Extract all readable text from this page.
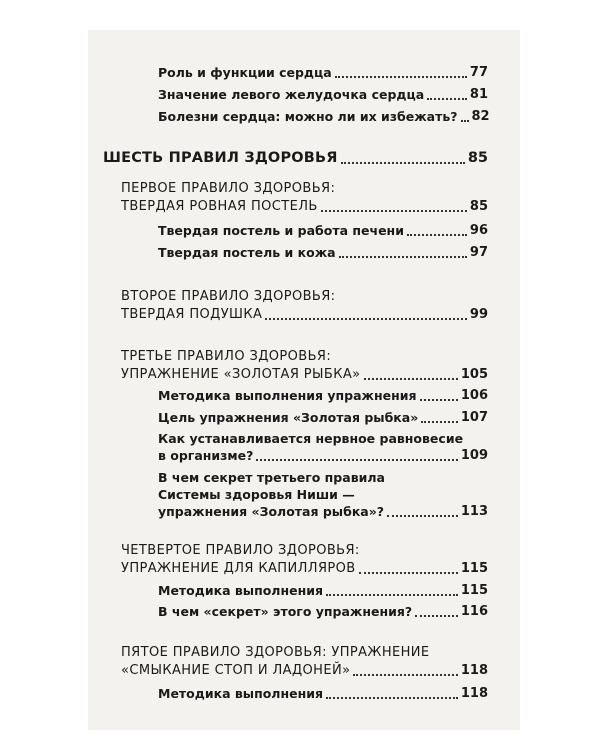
Роль и функции сердца	77
Значение левого желудочка сердца	81
Болезни сердца: можно ли их избежать? 82
ШЕСТЬ ПРАВИЛ ЗДОРОВЬЯ	85
ПЕРВОЕ ПРАВИЛО ЗДОРОВЬЯ:
ТВЕРДАЯ РОВНАЯ ПОСТЕЛЬ	85
Твердая постель и работа печени	96
Твердая постель и кожа	97
ВТОРОЕ ПРАВИЛО ЗДОРОВЬЯ:
ТВЕРДАЯ ПОДУШКА	99
ТРЕТЬЕ ПРАВИЛО ЗДОРОВЬЯ:
УПРАЖНЕНИЕ «ЗОЛОТАЯ РЫБКА»	105
Методика выполнения упражнения	106
Цель упражнения «Золотая рыбка»	107
Как устанавливается нервное равновесие
в организме?	109
В чем секрет третьего правила
Системы здоровья Ниши —
упражнения «Золотая рыбка»?	113
ЧЕТВЕРТОЕ ПРАВИЛО ЗДОРОВЬЯ:
УПРАЖНЕНИЕ ДЛЯ КАПИЛЛЯРОВ	115
Методика выполнения	115
В чем «секрет» этого упражнения?	116
ПЯТОЕ ПРАВИЛО ЗДОРОВЬЯ: УПРАЖНЕНИЕ
«СМЫКАНИЕ СТОП И ЛАДОНЕЙ»	118
Методика выполнения	118
